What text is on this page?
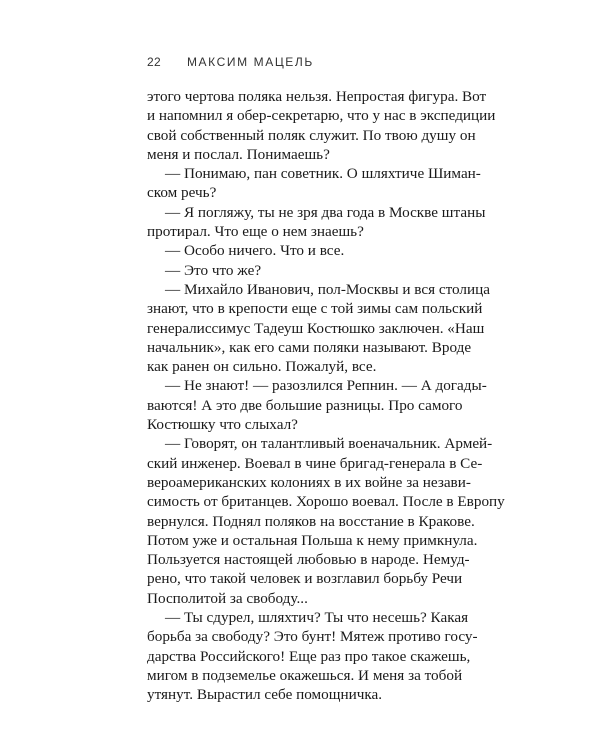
22 МАКСИМ МАЦЕЛЬ
этого чертова поляка нельзя. Непростая фигура. Вот
и напомнил я обер-секретарю, что у нас в экспедиции
свой собственный поляк служит. По твою душу он
меня и послал. Понимаешь?
— Понимаю, пан советник. О шляхтиче Шиман-
ском речь?
— Я погляжу, ты не зря два года в Москве штаны
протирал. Что еще о нем знаешь?
— Особо ничего. Что и все.
— Это что же?
— Михайло Иванович, пол-Москвы и вся столица
знают, что в крепости еще с той зимы сам польский
генералиссимус Тадеуш Костюшко заключен. «Наш
начальник», как его сами поляки называют. Вроде
как ранен он сильно. Пожалуй, все.
— Не знают! — разозлился Репнин. — А догады-
ваются! А это две большие разницы. Про самого
Костюшку что слыхал?
— Говорят, он талантливый военачальник. Армей-
ский инженер. Воевал в чине бригад-генерала в Се-
вероамериканских колониях в их войне за незави-
симость от британцев. Хорошо воевал. После в Европу
вернулся. Поднял поляков на восстание в Кракове.
Потом уже и остальная Польша к нему примкнула.
Пользуется настоящей любовью в народе. Немуд-
рено, что такой человек и возглавил борьбу Речи
Посполитой за свободу...
— Ты сдурел, шляхтич? Ты что несешь? Какая
борьба за свободу? Это бунт! Мятеж противо госу-
дарства Российского! Еще раз про такое скажешь,
мигом в подземелье окажешься. И меня за тобой
утянут. Вырастил себе помощничка.
